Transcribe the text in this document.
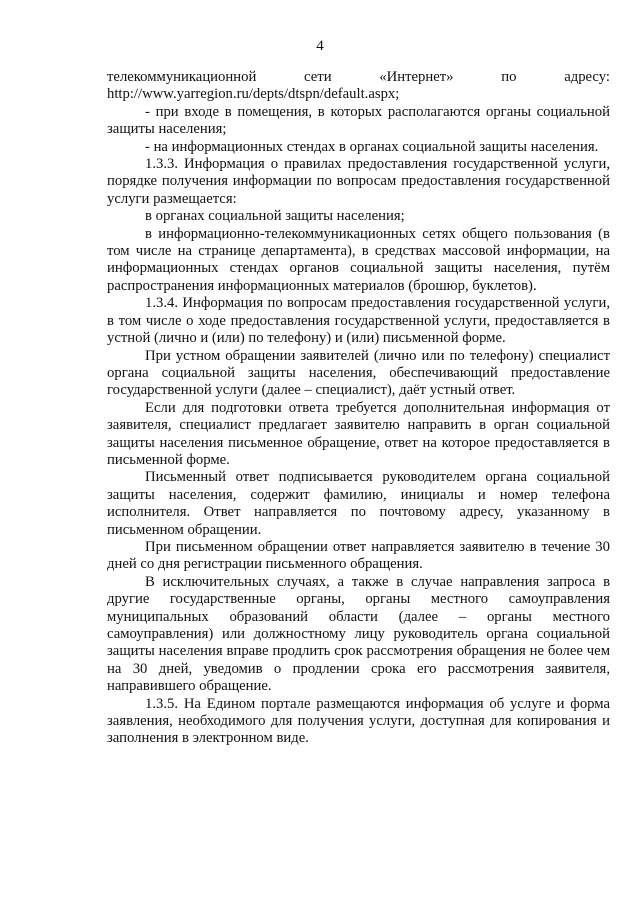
4

телекоммуникационной сети «Интернет» по адресу: http://www.yarregion.ru/depts/dtspn/default.aspx;

- при входе в помещения, в которых располагаются органы социальной защиты населения;

- на информационных стендах в органах социальной защиты населения.

1.3.3. Информация о правилах предоставления государственной услуги, порядке получения информации по вопросам предоставления государственной услуги размещается:

в органах социальной защиты населения;

в информационно-телекоммуникационных сетях общего пользования (в том числе на странице департамента), в средствах массовой информации, на информационных стендах органов социальной защиты населения, путём распространения информационных материалов (брошюр, буклетов).

1.3.4. Информация по вопросам предоставления государственной услуги, в том числе о ходе предоставления государственной услуги, предоставляется в устной (лично и (или) по телефону) и (или) письменной форме.

При устном обращении заявителей (лично или по телефону) специалист органа социальной защиты населения, обеспечивающий предоставление государственной услуги (далее – специалист), даёт устный ответ.

Если для подготовки ответа требуется дополнительная информация от заявителя, специалист предлагает заявителю направить в орган социальной защиты населения письменное обращение, ответ на которое предоставляется в письменной форме.

Письменный ответ подписывается руководителем органа социальной защиты населения, содержит фамилию, инициалы и номер телефона исполнителя. Ответ направляется по почтовому адресу, указанному в письменном обращении.

При письменном обращении ответ направляется заявителю в течение 30 дней со дня регистрации письменного обращения.

В исключительных случаях, а также в случае направления запроса в другие государственные органы, органы местного самоуправления муниципальных образований области (далее – органы местного самоуправления) или должностному лицу руководитель органа социальной защиты населения вправе продлить срок рассмотрения обращения не более чем на 30 дней, уведомив о продлении срока его рассмотрения заявителя, направившего обращение.

1.3.5. На Едином портале размещаются информация об услуге и форма заявления, необходимого для получения услуги, доступная для копирования и заполнения в электронном виде.
